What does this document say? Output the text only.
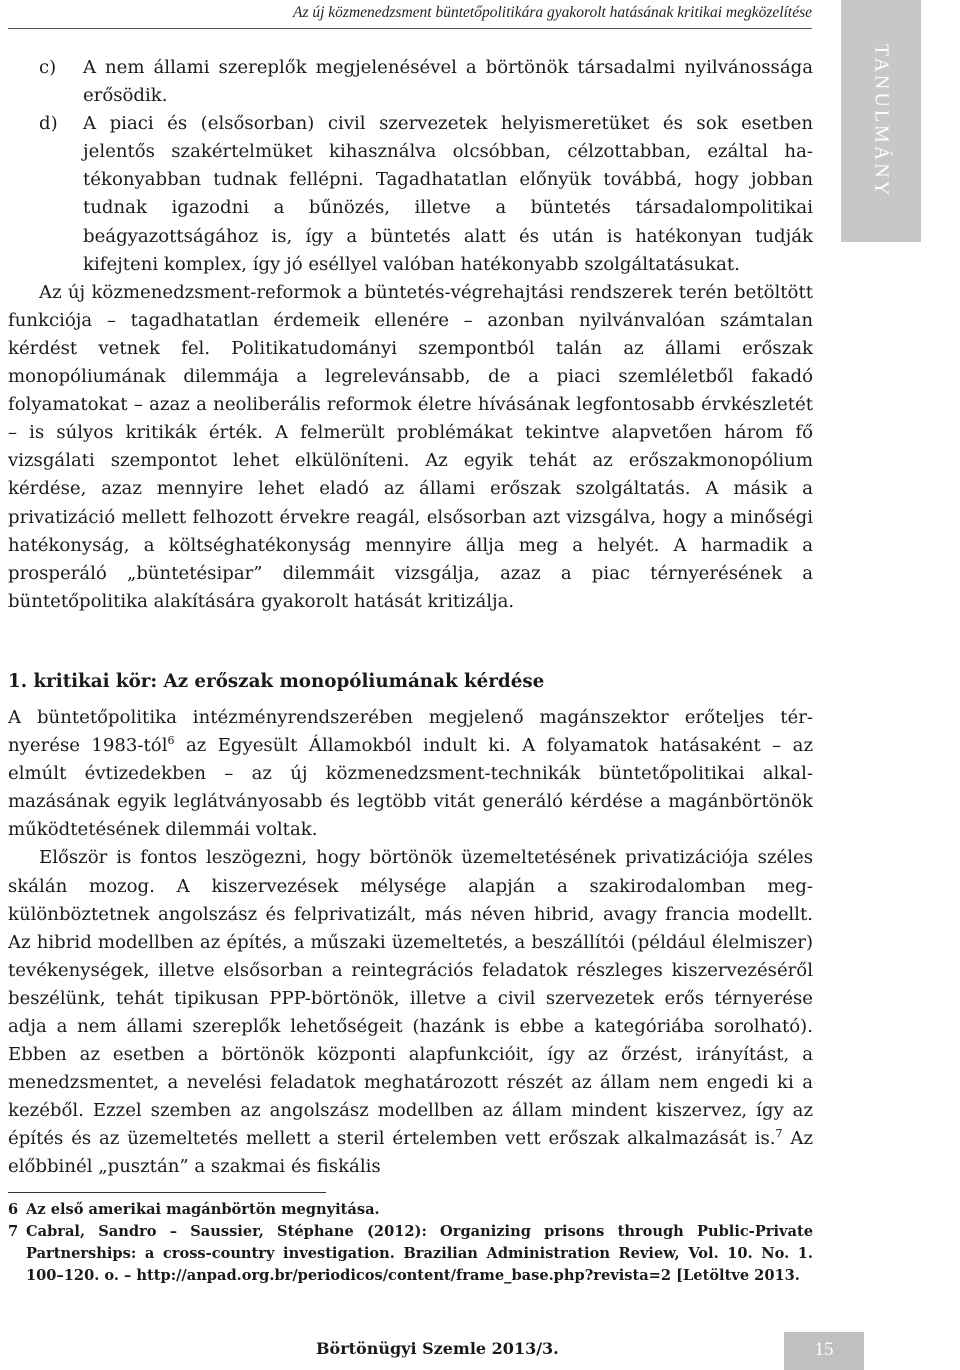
Az új közmenedzsment büntetőpolitikára gyakorolt hatásának kritikai megközelítése
TANULMÁNY
c)	A nem állami szereplők megjelenésével a börtönök társadalmi nyilvánossága erősödik.
d)	A piaci és (elsősorban) civil szervezetek helyismeretüket és sok esetben jelentős szakértelmüket kihasználva olcsóbban, célzottabban, ezáltal hatékonyabban tudnak fellépni. Tagadhatatlan előnyük továbbá, hogy jobban tudnak igazodni a bűnözés, illetve a büntetés társadalompolitikai beágyazottságához is, így a büntetés alatt és után is hatékonyan tudják kifejteni komplex, így jó eséllyel valóban hatékonyabb szolgáltatásukat.

Az új közmenedzsment-reformok a büntetés-végrehajtási rendszerek terén betöltött funkciója – tagadhatatlan érdemeik ellenére – azonban nyilvánvalóan számtalan kérdést vetnek fel. Politikatudományi szempontból talán az állami erőszak monopóliumának dilemmája a legrelevánsabb, de a piaci szemléletből fakadó folyamatokat – azaz a neoliberális reformok életre hívásának legfontosabb érvkészletét – is súlyos kritikák érték. A felmerült problémákat tekintve alapvetően három fő vizsgálati szempontot lehet elkülöníteni. Az egyik tehát az erőszakmonopólium kérdése, azaz mennyire lehet eladó az állami erőszak szolgáltatás. A másik a privatizáció mellett felhozott érvekre reagál, elsősorban azt vizsgálva, hogy a minőségi hatékonyság, a költséghatékonyság mennyire állja meg a helyét. A harmadik a prosperáló „büntetésipar” dilemmáit vizsgálja, azaz a piac térnyerésének a büntetőpolitika alakítására gyakorolt hatását kritizálja.

1. kritikai kör: Az erőszak monopóliumának kérdése

A büntetőpolitika intézményrendszerében megjelenő magánszektor erőteljes térnyerése 1983-tól$^6$ az Egyesült Államokból indult ki. A folyamatok hatásaként – az elmúlt évtizedekben – az új közmenedzsment-technikák büntetőpolitikai alkalmazásának egyik leglátványosabb és legtöbb vitát generáló kérdése a magánbörtönök működtetésének dilemmái voltak.

Először is fontos leszögezni, hogy börtönök üzemeltetésének privatizációja széles skálán mozog. A kiszervezések mélysége alapján a szakirodalomban megkülönböztetnek angolszász és felprivatizált, más néven hibrid, avagy francia modellt. Az hibrid modellben az építés, a műszaki üzemeltetés, a beszállítói (például élelmiszer) tevékenységek, illetve elsősorban a reintegrációs feladatok részleges kiszervezéséről beszélünk, tehát tipikusan PPP-börtönök, illetve a civil szervezetek erős térnyerése adja a nem állami szereplők lehetőségeit (hazánk is ebbe a kategóriába sorolható). Ebben az esetben a börtönök központi alapfunkcióit, így az őrzést, irányítást, a menedzsmentet, a nevelési feladatok meghatározott részét az állam nem engedi ki a kezéből. Ezzel szemben az angolszász modellben az állam mindent kiszervez, így az építés és az üzemeltetés mellett a steril értelemben vett erőszak alkalmazását is.$^7$ Az előbbinél „pusztán” a szakmai és fiskális

6 Az első amerikai magánbörtön megnyitása.
7 Cabral, Sandro – Saussier, Stéphane (2012): Organizing prisons through Public-Private Partnerships: a cross-country investigation. Brazilian Administration Review, Vol. 10. No. 1. 100–120. o. – http://anpad.org.br/periodicos/content/frame_base.php?revista=2 [Letöltve 2013.
Börtönügyi Szemle 2013/3.	15
